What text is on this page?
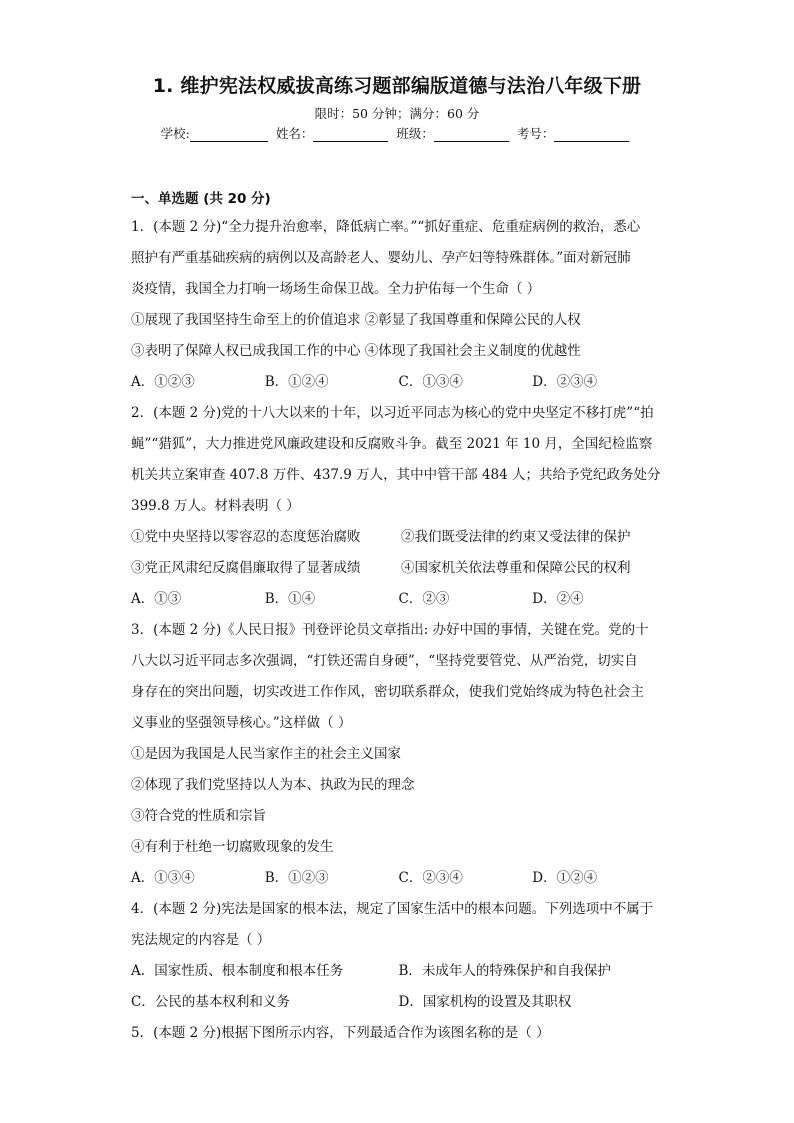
1. 维护宪法权威拔高练习题部编版道德与法治八年级下册
限时：50 分钟；满分：60 分
学校:	姓名：	班级：	考号：
一、单选题 (共 20 分)
1．(本题 2 分)“全力提升治愈率，降低病亡率。”“抓好重症、危重症病例的救治，悉心
照护有严重基础疾病的病例以及高龄老人、婴幼儿、孕产妇等特殊群体。”面对新冠肺
炎疫情，我国全力打响一场场生命保卫战。全力护佑每一个生命（ ）
①展现了我国坚持生命至上的价值追求 ②彰显了我国尊重和保障公民的人权
③表明了保障人权已成我国工作的中心 ④体现了我国社会主义制度的优越性
A．①②③	B．①②④	C．①③④	D．②③④
2．(本题 2 分)党的十八大以来的十年，以习近平同志为核心的党中央坚定不移打虎”“拍
蝇”“猎狐”，大力推进党风廉政建设和反腐败斗争。截至 2021 年 10 月，全国纪检监察
机关共立案审查 407.8 万件、437.9 万人，其中中管干部 484 人；共给予党纪政务处分
399.8 万人。材料表明（ ）
①党中央坚持以零容忍的态度惩治腐败	②我们既受法律的约束又受法律的保护
③党正风肃纪反腐倡廉取得了显著成绩	④国家机关依法尊重和保障公民的权利
A．①③	B．①④	C．②③	D．②④
3．(本题 2 分)《人民日报》刊登评论员文章指出: 办好中国的事情，关键在党。党的十
八大以习近平同志多次强调，“打铁还需自身硬”，“坚持党要管党、从严治党，切实自
身存在的突出问题，切实改进工作作风，密切联系群众，使我们党始终成为特色社会主
义事业的坚强领导核心。”这样做（ ）
①是因为我国是人民当家作主的社会主义国家
②体现了我们党坚持以人为本、执政为民的理念
③符合党的性质和宗旨
④有利于杜绝一切腐败现象的发生
A．①③④	B．①②③	C．②③④	D．①②④
4．(本题 2 分)宪法是国家的根本法，规定了国家生活中的根本问题。下列选项中不属于
宪法规定的内容是（ ）
A．国家性质、根本制度和根本任务	B．未成年人的特殊保护和自我保护
C．公民的基本权利和义务	D．国家机构的设置及其职权
5．(本题 2 分)根据下图所示内容，下列最适合作为该图名称的是（ ）
